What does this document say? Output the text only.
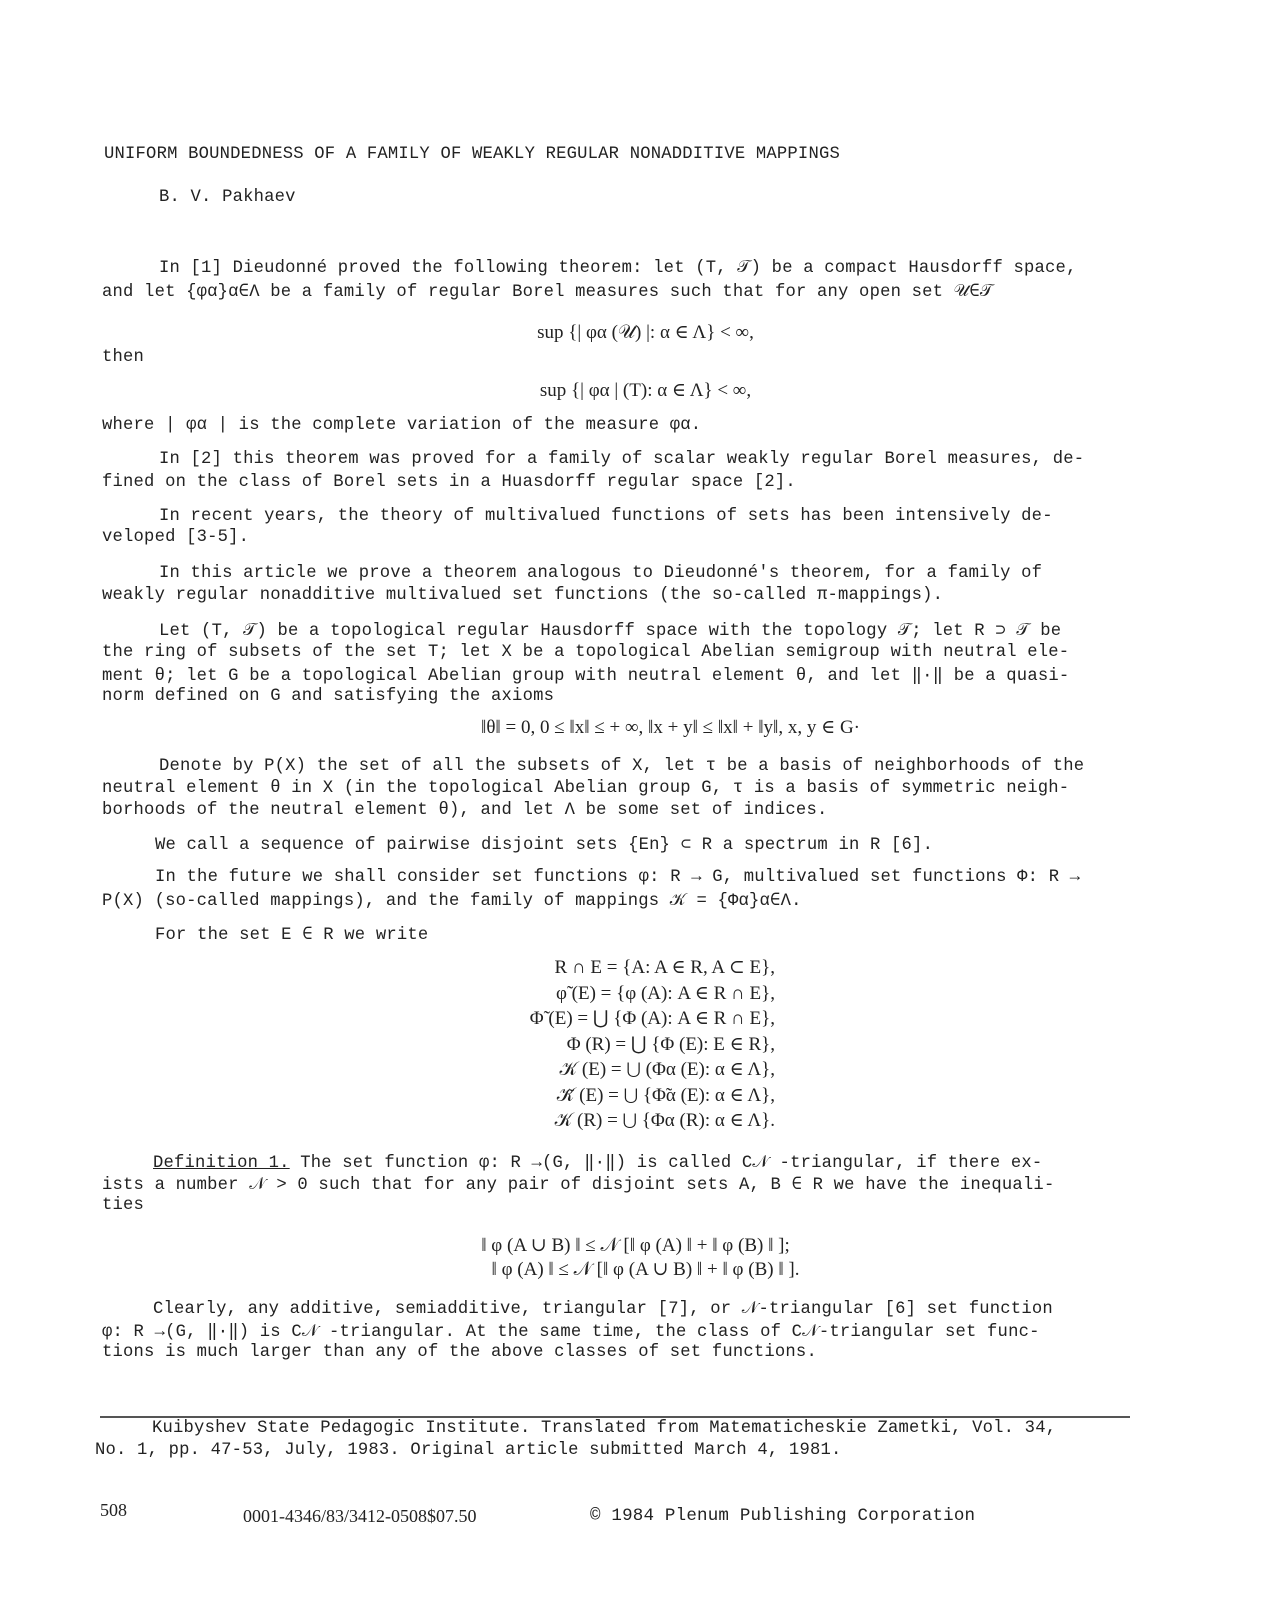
UNIFORM BOUNDEDNESS OF A FAMILY OF WEAKLY REGULAR NONADDITIVE MAPPINGS
B. V. Pakhaev
In [1] Dieudonné proved the following theorem: let (T, 𝒯) be a compact Hausdorff space,
and let {φα}α∈Λ be a family of regular Borel measures such that for any open set 𝒰∈𝒯
sup {| φα (𝒰) |: α ∈ Λ} < ∞,
then
sup {| φα | (T): α ∈ Λ} < ∞,
where | φα | is the complete variation of the measure φα.
In [2] this theorem was proved for a family of scalar weakly regular Borel measures, de-
fined on the class of Borel sets in a Huasdorff regular space [2].
In recent years, the theory of multivalued functions of sets has been intensively de-
veloped [3-5].
In this article we prove a theorem analogous to Dieudonné's theorem, for a family of
weakly regular nonadditive multivalued set functions (the so-called π-mappings).
Let (T, 𝒯) be a topological regular Hausdorff space with the topology 𝒯; let R ⊃ 𝒯 be
the ring of subsets of the set T; let X be a topological Abelian semigroup with neutral ele-
ment θ; let G be a topological Abelian group with neutral element θ, and let ‖·‖ be a quasi-
norm defined on G and satisfying the axioms
‖θ‖ = 0, 0 ≤ ‖x‖ ≤ + ∞, ‖x + y‖ ≤ ‖x‖ + ‖y‖, x, y ∈ G·
Denote by P(X) the set of all the subsets of X, let τ be a basis of neighborhoods of the
neutral element θ in X (in the topological Abelian group G, τ is a basis of symmetric neigh-
borhoods of the neutral element θ), and let Λ be some set of indices.
We call a sequence of pairwise disjoint sets {En} ⊂ R a spectrum in R [6].
In the future we shall consider set functions φ: R → G, multivalued set functions Φ: R →
P(X) (so-called mappings), and the family of mappings 𝒦 = {Φα}α∈Λ.
For the set E ∈ R we write
R ∩ E = {A: A ∈ R, A ⊂ E},
φ̃ (E) = {φ (A): A ∈ R ∩ E},
Φ̃ (E) = ⋃ {Φ (A): A ∈ R ∩ E},
Φ (R) = ⋃ {Φ (E): E ∈ R},
𝒦 (E) = ⋃ (Φα (E): α ∈ Λ},
𝒦̃ (E) = ⋃ {Φ̃α (E): α ∈ Λ},
𝒦 (R) = ⋃ {Φα (R): α ∈ Λ}.
Definition 1. The set function φ: R →(G, ‖·‖) is called C𝒩 -triangular, if there ex-
ists a number 𝒩 > 0 such that for any pair of disjoint sets A, B ∈ R we have the inequali-
ties
‖ φ (A ∪ B) ‖ ≤ 𝒩 [‖ φ (A) ‖ + ‖ φ (B) ‖ ];
‖ φ (A) ‖ ≤ 𝒩 [‖ φ (A ∪ B) ‖ + ‖ φ (B) ‖ ].
Clearly, any additive, semiadditive, triangular [7], or 𝒩-triangular [6] set function
φ: R →(G, ‖·‖) is C𝒩 -triangular. At the same time, the class of C𝒩-triangular set func-
tions is much larger than any of the above classes of set functions.
Kuibyshev State Pedagogic Institute. Translated from Matematicheskie Zametki, Vol. 34,
No. 1, pp. 47-53, July, 1983. Original article submitted March 4, 1981.
508	0001-4346/83/3412-0508$07.50	© 1984 Plenum Publishing Corporation
